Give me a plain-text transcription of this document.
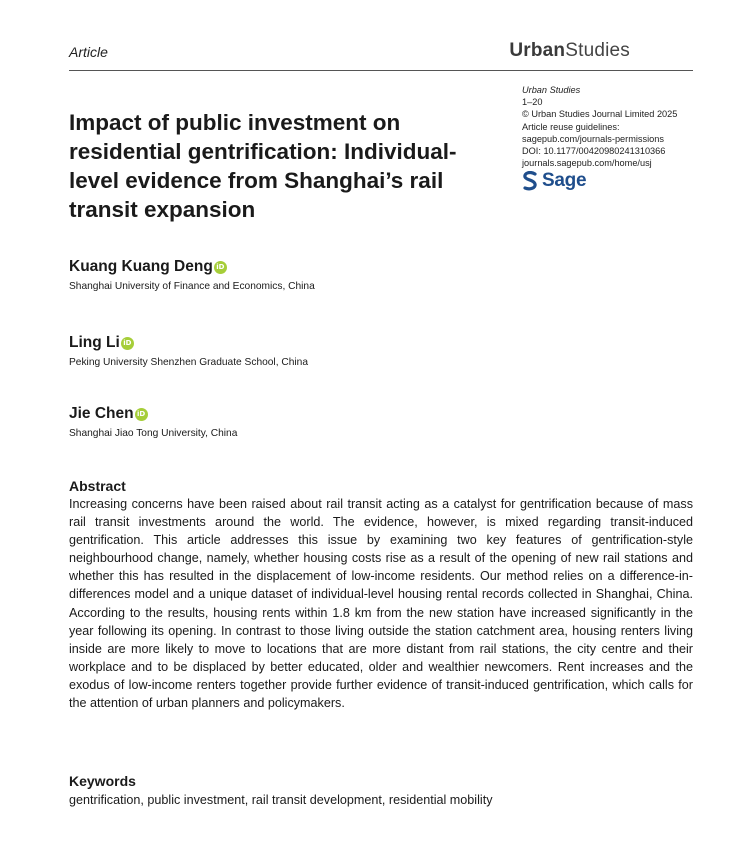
Article	UrbanStudies
Urban Studies
1–20
© Urban Studies Journal Limited 2025
Article reuse guidelines:
sagepub.com/journals-permissions
DOI: 10.1177/00420980241310366
journals.sagepub.com/home/usj
Sage
Impact of public investment on residential gentrification: Individual-level evidence from Shanghai’s rail transit expansion
Kuang Kuang Deng iD
Shanghai University of Finance and Economics, China
Ling Li iD
Peking University Shenzhen Graduate School, China
Jie Chen iD
Shanghai Jiao Tong University, China
Abstract

Increasing concerns have been raised about rail transit acting as a catalyst for gentrification because of mass rail transit investments around the world. The evidence, however, is mixed regarding transit-induced gentrification. This article addresses this issue by examining two key features of gentrification-style neighbourhood change, namely, whether housing costs rise as a result of the opening of new rail stations and whether this has resulted in the displacement of low-income residents. Our method relies on a difference-in-differences model and a unique dataset of individual-level housing rental records collected in Shanghai, China. According to the results, housing rents within 1.8 km from the new station have increased significantly in the year following its opening. In contrast to those living outside the station catchment area, housing renters living inside are more likely to move to locations that are more distant from rail stations, the city centre and their workplace and to be displaced by better educated, older and wealthier newcomers. Rent increases and the exodus of low-income renters together provide further evidence of transit-induced gentrification, which calls for the attention of urban planners and policymakers.

Keywords

gentrification, public investment, rail transit development, residential mobility
